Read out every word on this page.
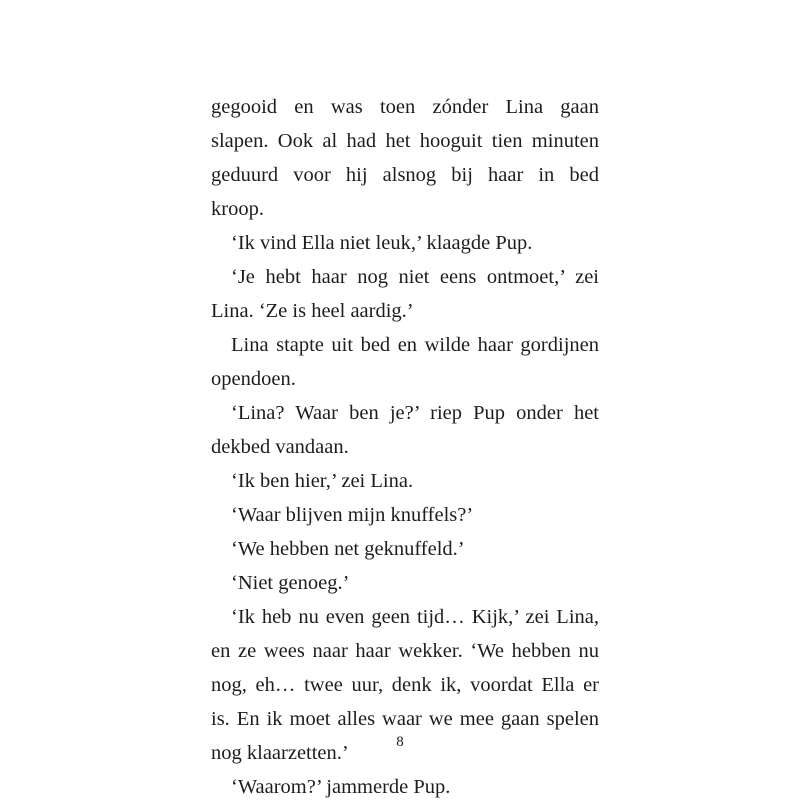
gegooid en was toen zónder Lina gaan
slapen. Ook al had het hooguit tien minuten
geduurd voor hij alsnog bij haar in bed
kroop.
‘Ik vind Ella niet leuk,’ klaagde Pup.
‘Je hebt haar nog niet eens ontmoet,’ zei
Lina. ‘Ze is heel aardig.’
Lina stapte uit bed en wilde haar gordijnen
opendoen.
‘Lina? Waar ben je?’ riep Pup onder het
dekbed vandaan.
‘Ik ben hier,’ zei Lina.
‘Waar blijven mijn knuffels?’
‘We hebben net geknuffeld.’
‘Niet genoeg.’
‘Ik heb nu even geen tijd… Kijk,’ zei Lina,
en ze wees naar haar wekker. ‘We hebben nu
nog, eh… twee uur, denk ik, voordat Ella er
is. En ik moet alles waar we mee gaan spelen
nog klaarzetten.’
‘Waarom?’ jammerde Pup.
8
